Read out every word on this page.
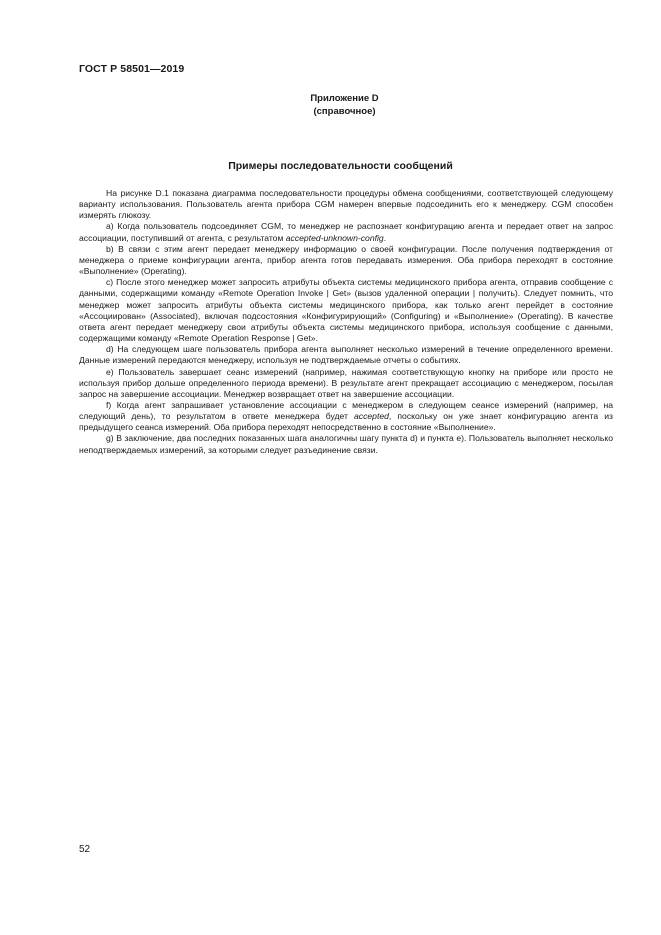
ГОСТ Р 58501—2019
Приложение D
(справочное)
Примеры последовательности сообщений

На рисунке D.1 показана диаграмма последовательности процедуры обмена сообщениями, соответствующей следующему варианту использования. Пользователь агента прибора CGM намерен впервые подсоединить его к менеджеру. CGM способен измерять глюкозу.

a) Когда пользователь подсоединяет CGM, то менеджер не распознает конфигурацию агента и передает ответ на запрос ассоциации, поступивший от агента, с результатом accepted-unknown-config.

b) В связи с этим агент передает менеджеру информацию о своей конфигурации. После получения подтверждения от менеджера о приеме конфигурации агента, прибор агента готов передавать измерения. Оба прибора переходят в состояние «Выполнение» (Operating).

c) После этого менеджер может запросить атрибуты объекта системы медицинского прибора агента, отправив сообщение с данными, содержащими команду «Remote Operation Invoke | Get» (вызов удаленной операции | получить). Следует помнить, что менеджер может запросить атрибуты объекта системы медицинского прибора, как только агент перейдет в состояние «Ассоциирован» (Associated), включая подсостояния «Конфигурирующий» (Configuring) и «Выполнение» (Operating). В качестве ответа агент передает менеджеру свои атрибуты объекта системы медицинского прибора, используя сообщение с данными, содержащими команду «Remote Operation Response | Get».

d) На следующем шаге пользователь прибора агента выполняет несколько измерений в течение определенного времени. Данные измерений передаются менеджеру, используя не подтверждаемые отчеты о событиях.

e) Пользователь завершает сеанс измерений (например, нажимая соответствующую кнопку на приборе или просто не используя прибор дольше определенного периода времени). В результате агент прекращает ассоциацию с менеджером, посылая запрос на завершение ассоциации. Менеджер возвращает ответ на завершение ассоциации.

f) Когда агент запрашивает установление ассоциации с менеджером в следующем сеансе измерений (например, на следующий день), то результатом в ответе менеджера будет accepted, поскольку он уже знает конфигурацию агента из предыдущего сеанса измерений. Оба прибора переходят непосредственно в состояние «Выполнение».

g) В заключение, два последних показанных шага аналогичны шагу пункта d) и пункта е). Пользователь выполняет несколько неподтверждаемых измерений, за которыми следует разъединение связи.

52
